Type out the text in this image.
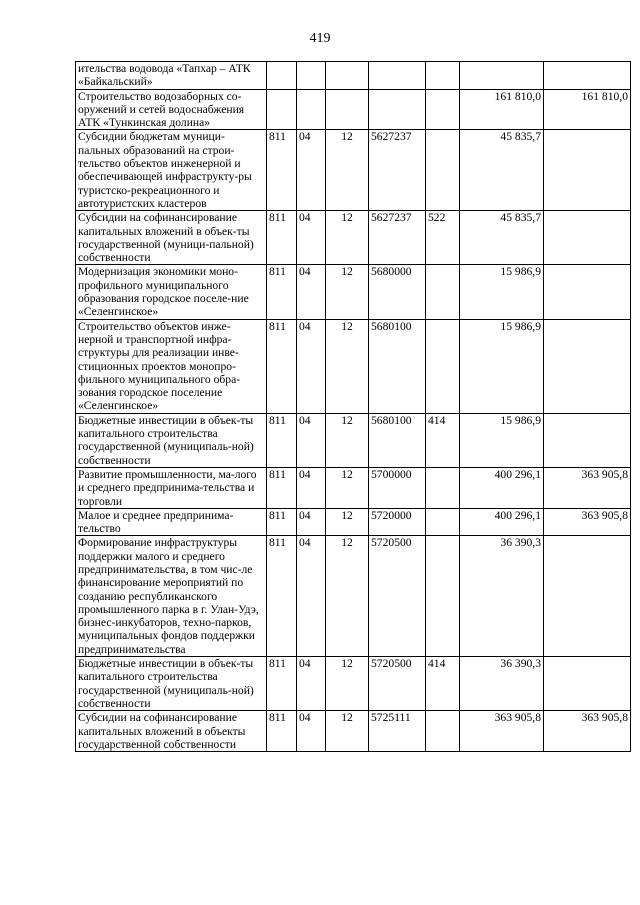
419
ительства водовода «Тапхар – АТК «Байкальский»							
Строительство водозаборных со-оружений и сетей водоснабжения АТК «Тункинская долина»						161 810,0	161 810,0
Субсидии бюджетам муници-пальных образований на строи-тельство объектов инженерной и обеспечивающей инфраструкту-ры туристско-рекреационного и автотуристских кластеров	811	04	12	5627237		45 835,7	
Субсидии на софинансирование капитальных вложений в объек-ты государственной (муници-пальной) собственности	811	04	12	5627237	522	45 835,7	
Модернизация экономики моно-профильного муниципального образования городское поселе-ние «Селенгинское»	811	04	12	5680000		15 986,9	
Строительство объектов инже-нерной и транспортной инфра-структуры для реализации инве-стиционных проектов монопро-фильного муниципального обра-зования городское поселение «Селенгинское»	811	04	12	5680100		15 986,9	
Бюджетные инвестиции в объек-ты капитального строительства государственной (муниципаль-ной) собственности	811	04	12	5680100	414	15 986,9	
Развитие промышленности, ма-лого и среднего предпринима-тельства и торговли	811	04	12	5700000		400 296,1	363 905,8
Малое и среднее предпринима-тельство	811	04	12	5720000		400 296,1	363 905,8
Формирование инфраструктуры поддержки малого и среднего предпринимательства, в том чис-ле финансирование мероприятий по созданию республиканского промышленного парка в г. Улан-Удэ, бизнес-инкубаторов, техно-парков, муниципальных фондов поддержки предпринимательства	811	04	12	5720500		36 390,3	
Бюджетные инвестиции в объек-ты капитального строительства государственной (муниципаль-ной) собственности	811	04	12	5720500	414	36 390,3	
Субсидии на софинансирование капитальных вложений в объекты государственной собственности	811	04	12	5725111		363 905,8	363 905,8
